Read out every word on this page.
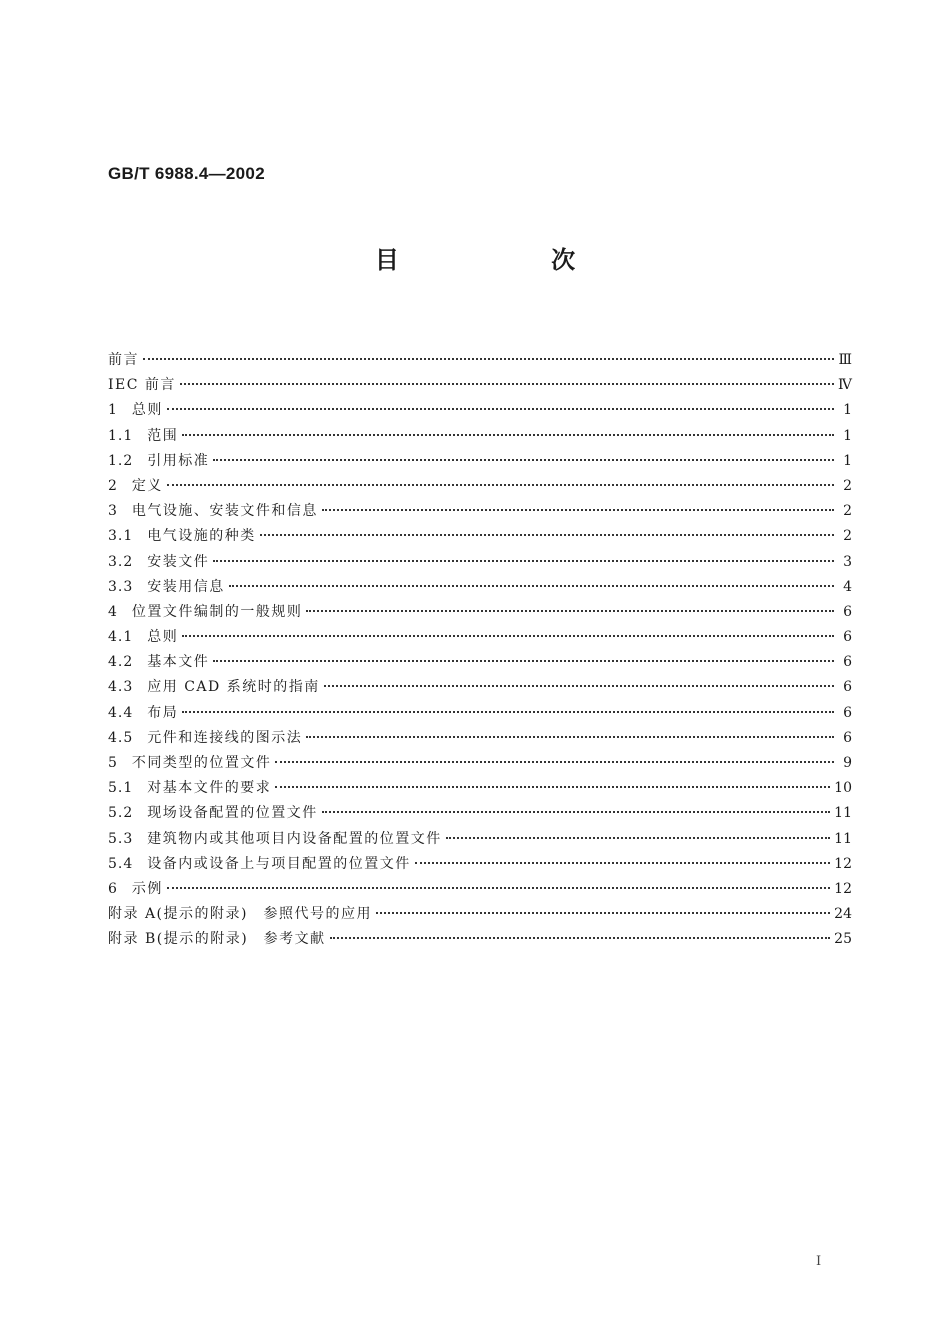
GB/T 6988.4—2002
目 次
前言	Ⅲ
IEC 前言	Ⅳ
1 总则	1
1.1 范围	1
1.2 引用标准	1
2 定义	2
3 电气设施、安装文件和信息	2
3.1 电气设施的种类	2
3.2 安装文件	3
3.3 安装用信息	4
4 位置文件编制的一般规则	6
4.1 总则	6
4.2 基本文件	6
4.3 应用 CAD 系统时的指南	6
4.4 布局	6
4.5 元件和连接线的图示法	6
5 不同类型的位置文件	9
5.1 对基本文件的要求	10
5.2 现场设备配置的位置文件	11
5.3 建筑物内或其他项目内设备配置的位置文件	11
5.4 设备内或设备上与项目配置的位置文件	12
6 示例	12
附录 A(提示的附录)　参照代号的应用	24
附录 B(提示的附录)　参考文献	25
Ⅰ
